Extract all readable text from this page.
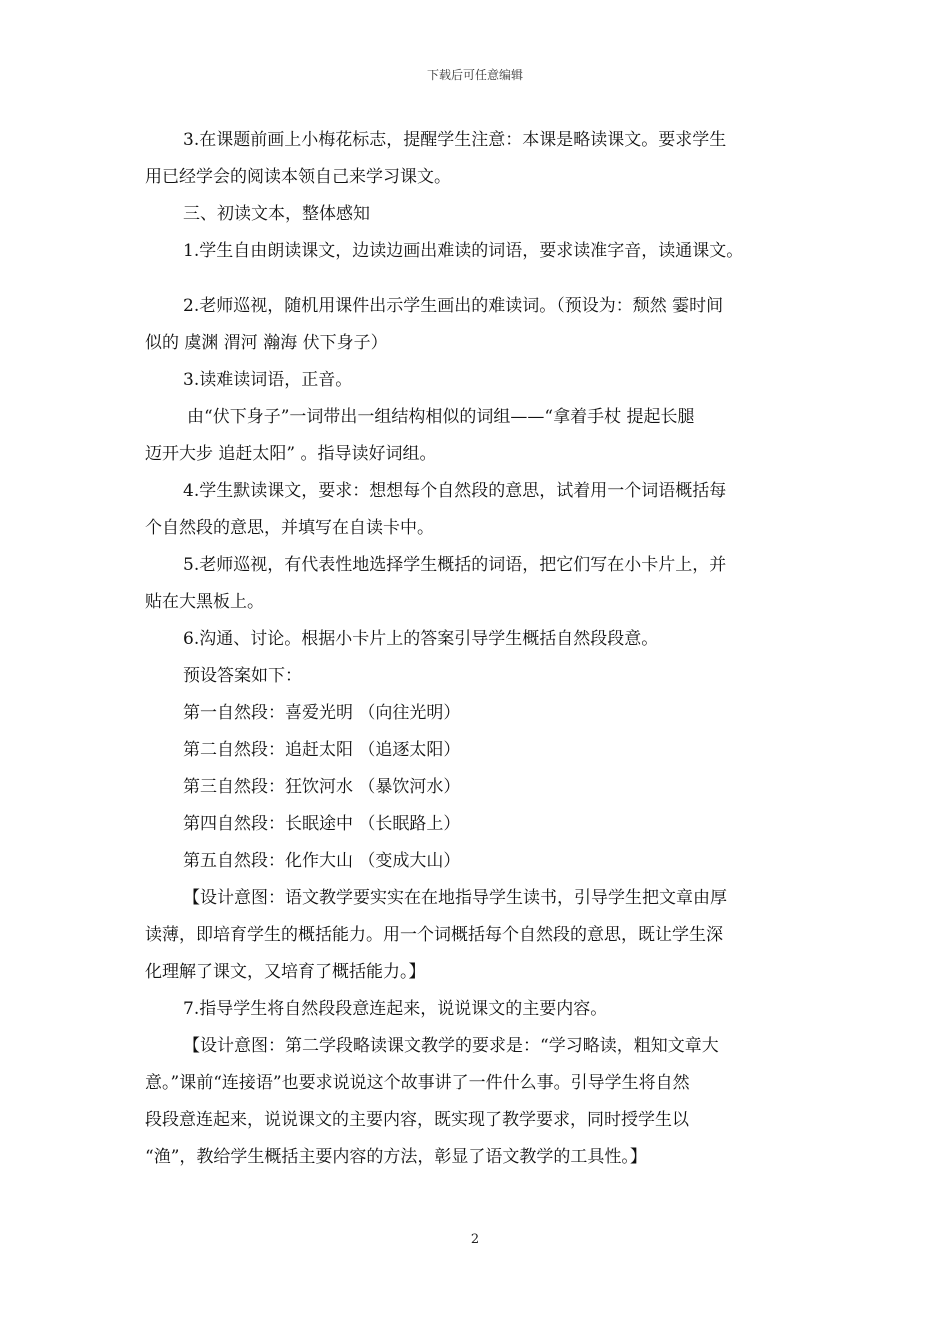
下载后可任意编辑
3.在课题前画上小梅花标志，提醒学生注意：本课是略读课文。要求学生
用已经学会的阅读本领自己来学习课文。
三、初读文本，整体感知
1.学生自由朗读课文，边读边画出难读的词语，要求读准字音，读通课文。
2.老师巡视，随机用课件出示学生画出的难读词。（预设为：颓然 霎时间
似的 虞渊 渭河 瀚海 伏下身子）
3.读难读词语，正音。
由“伏下身子”一词带出一组结构相似的词组——“拿着手杖 提起长腿
迈开大步 追赶太阳” 。指导读好词组。
4.学生默读课文，要求：想想每个自然段的意思，试着用一个词语概括每
个自然段的意思，并填写在自读卡中。
5.老师巡视，有代表性地选择学生概括的词语，把它们写在小卡片上，并
贴在大黑板上。
6.沟通、讨论。根据小卡片上的答案引导学生概括自然段段意。
预设答案如下：
第一自然段：喜爱光明 （向往光明）
第二自然段：追赶太阳 （追逐太阳）
第三自然段：狂饮河水 （暴饮河水）
第四自然段：长眠途中 （长眠路上）
第五自然段：化作大山 （变成大山）
【设计意图：语文教学要实实在在地指导学生读书，引导学生把文章由厚
读薄，即培育学生的概括能力。用一个词概括每个自然段的意思，既让学生深
化理解了课文，又培育了概括能力。】
7.指导学生将自然段段意连起来，说说课文的主要内容。
【设计意图：第二学段略读课文教学的要求是：“学习略读，粗知文章大
意。”课前“连接语”也要求说说这个故事讲了一件什么事。引导学生将自然
段段意连起来，说说课文的主要内容，既实现了教学要求，同时授学生以
“渔”，教给学生概括主要内容的方法，彰显了语文教学的工具性。】
2
